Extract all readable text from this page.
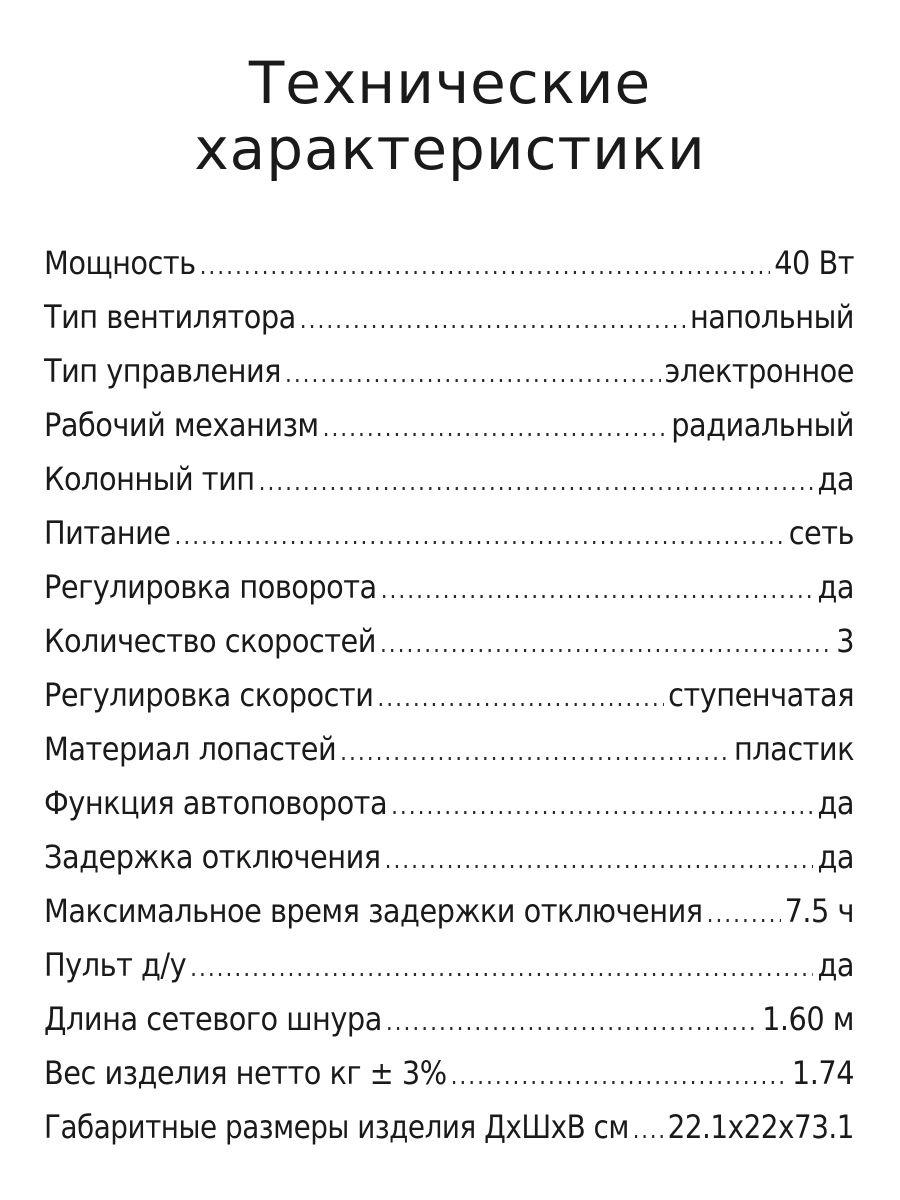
Технические
характеристики
Мощность .....	40 Вт
Тип вентилятора .....	напольный
Тип управления .....	электронное
Рабочий механизм .....	радиальный
Колонный тип .....	да
Питание .....	сеть
Регулировка поворота .....	да
Количество скоростей .....	3
Регулировка скорости .....	ступенчатая
Материал лопастей .....	пластик
Функция автоповорота .....	да
Задержка отключения .....	да
Максимальное время задержки отключения .....	7.5 ч
Пульт д/у .....	да
Длина сетевого шнура .....	1.60 м
Вес изделия нетто кг ± 3% .....	1.74
Габаритные размеры изделия ДхШхВ см ..... 22.1x22x73.1
